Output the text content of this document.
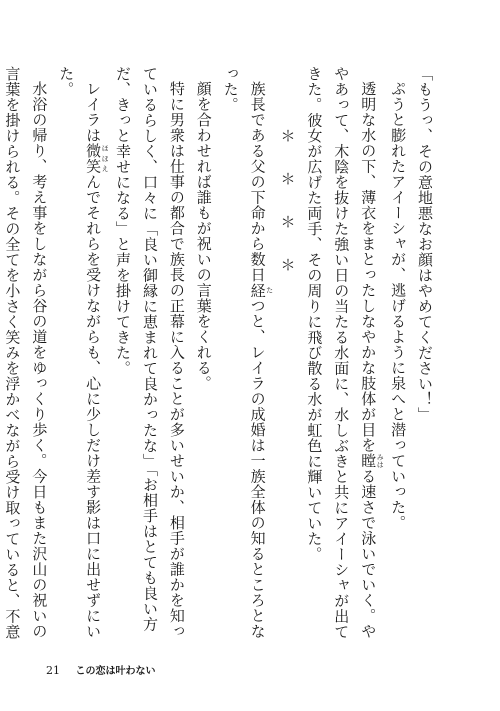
「もうっ、その意地悪なお顔はやめてください！」

ぷうと膨れたアイーシャが、逃げるように泉へと潜っていった。

透明な水の下、薄衣をまとったしなやかな肢体が目を瞠 みはる速さで泳いでいく。ややあって、木陰を抜けた強い日の当たる水面に、水しぶきと共にアイーシャが出てきた。彼女が広げた両手、その周りに飛び散る水が虹色に輝いていた。

＊＊＊＊

族長である父の下命から数日経 たつと、レイラの成婚は一族全体の知るところとなった。

顔を合わせれば誰もが祝いの言葉をくれる。

特に男衆は仕事の都合で族長の正幕に入ることが多いせいか、相手が誰かを知っているらしく、口々に「良い御縁に恵まれて良かったな」「お相手はとても良い方だ、きっと幸せになる」と声を掛けてきた。

レイラは微笑 ほほえんでそれらを受けながらも、心に少しだけ差す影は口に出せずにいた。

水浴の帰り、考え事をしながら谷の道をゆっくり歩く。今日もまた沢山の祝いの言葉を掛けられる。その全てを小さく笑みを浮かべながら受け取っていると、不意

21 この恋は叶わない
